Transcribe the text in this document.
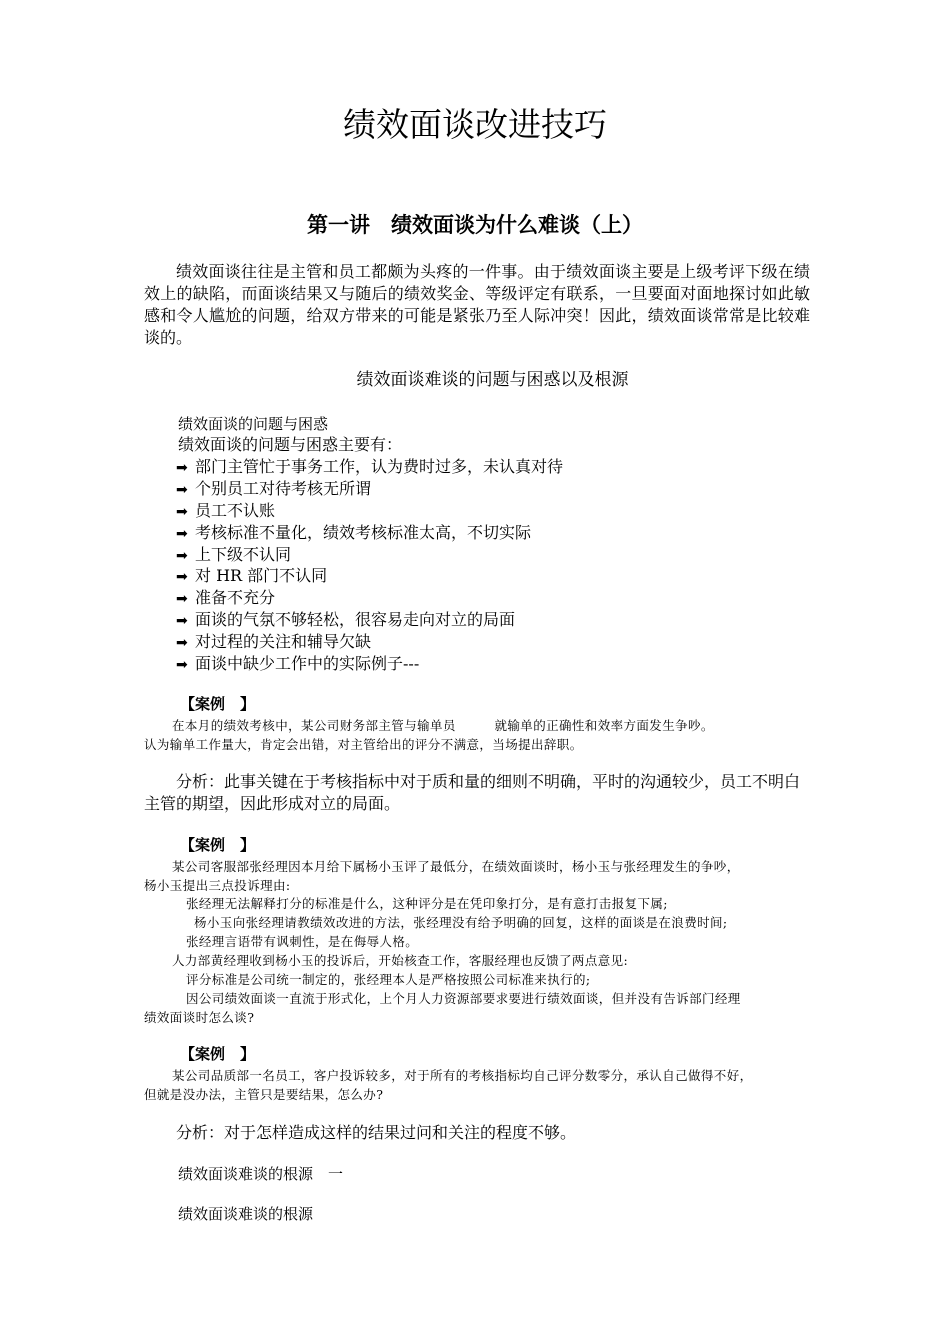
绩效面谈改进技巧
第一讲　绩效面谈为什么难谈（上）
绩效面谈往往是主管和员工都颇为头疼的一件事。由于绩效面谈主要是上级考评下级在绩效上的缺陷，而面谈结果又与随后的绩效奖金、等级评定有联系，一旦要面对面地探讨如此敏感和令人尴尬的问题，给双方带来的可能是紧张乃至人际冲突！因此，绩效面谈常常是比较难谈的。
绩效面谈难谈的问题与困惑以及根源
绩效面谈的问题与困惑
绩效面谈的问题与困惑主要有：
➡ 部门主管忙于事务工作，认为费时过多，未认真对待
➡ 个别员工对待考核无所谓
➡ 员工不认账
➡ 考核标准不量化，绩效考核标准太高，不切实际
➡ 上下级不认同
➡ 对 HR 部门不认同
➡ 准备不充分
➡ 面谈的气氛不够轻松，很容易走向对立的局面
➡ 对过程的关注和辅导欠缺
➡ 面谈中缺少工作中的实际例子---
【案例　】
在本月的绩效考核中，某公司财务部主管与输单员　　　就输单的正确性和效率方面发生争吵。
认为输单工作量大，肯定会出错，对主管给出的评分不满意，当场提出辞职。
分析：此事关键在于考核指标中对于质和量的细则不明确，平时的沟通较少，员工不明白主管的期望，因此形成对立的局面。
【案例　】
某公司客服部张经理因本月给下属杨小玉评了最低分，在绩效面谈时，杨小玉与张经理发生的争吵，
杨小玉提出三点投诉理由:
张经理无法解释打分的标准是什么，这种评分是在凭印象打分，是有意打击报复下属;
杨小玉向张经理请教绩效改进的方法，张经理没有给予明确的回复，这样的面谈是在浪费时间;
张经理言语带有讽刺性，是在侮辱人格。
人力部黄经理收到杨小玉的投诉后，开始核查工作，客服经理也反馈了两点意见:
评分标准是公司统一制定的，张经理本人是严格按照公司标准来执行的;
因公司绩效面谈一直流于形式化，上个月人力资源部要求要进行绩效面谈，但并没有告诉部门经理
绩效面谈时怎么谈?
【案例　】
某公司品质部一名员工，客户投诉较多，对于所有的考核指标均自己评分数零分，承认自己做得不好，
但就是没办法，主管只是要结果，怎么办?
分析：对于怎样造成这样的结果过问和关注的程度不够。
绩效面谈难谈的根源　一
绩效面谈难谈的根源
